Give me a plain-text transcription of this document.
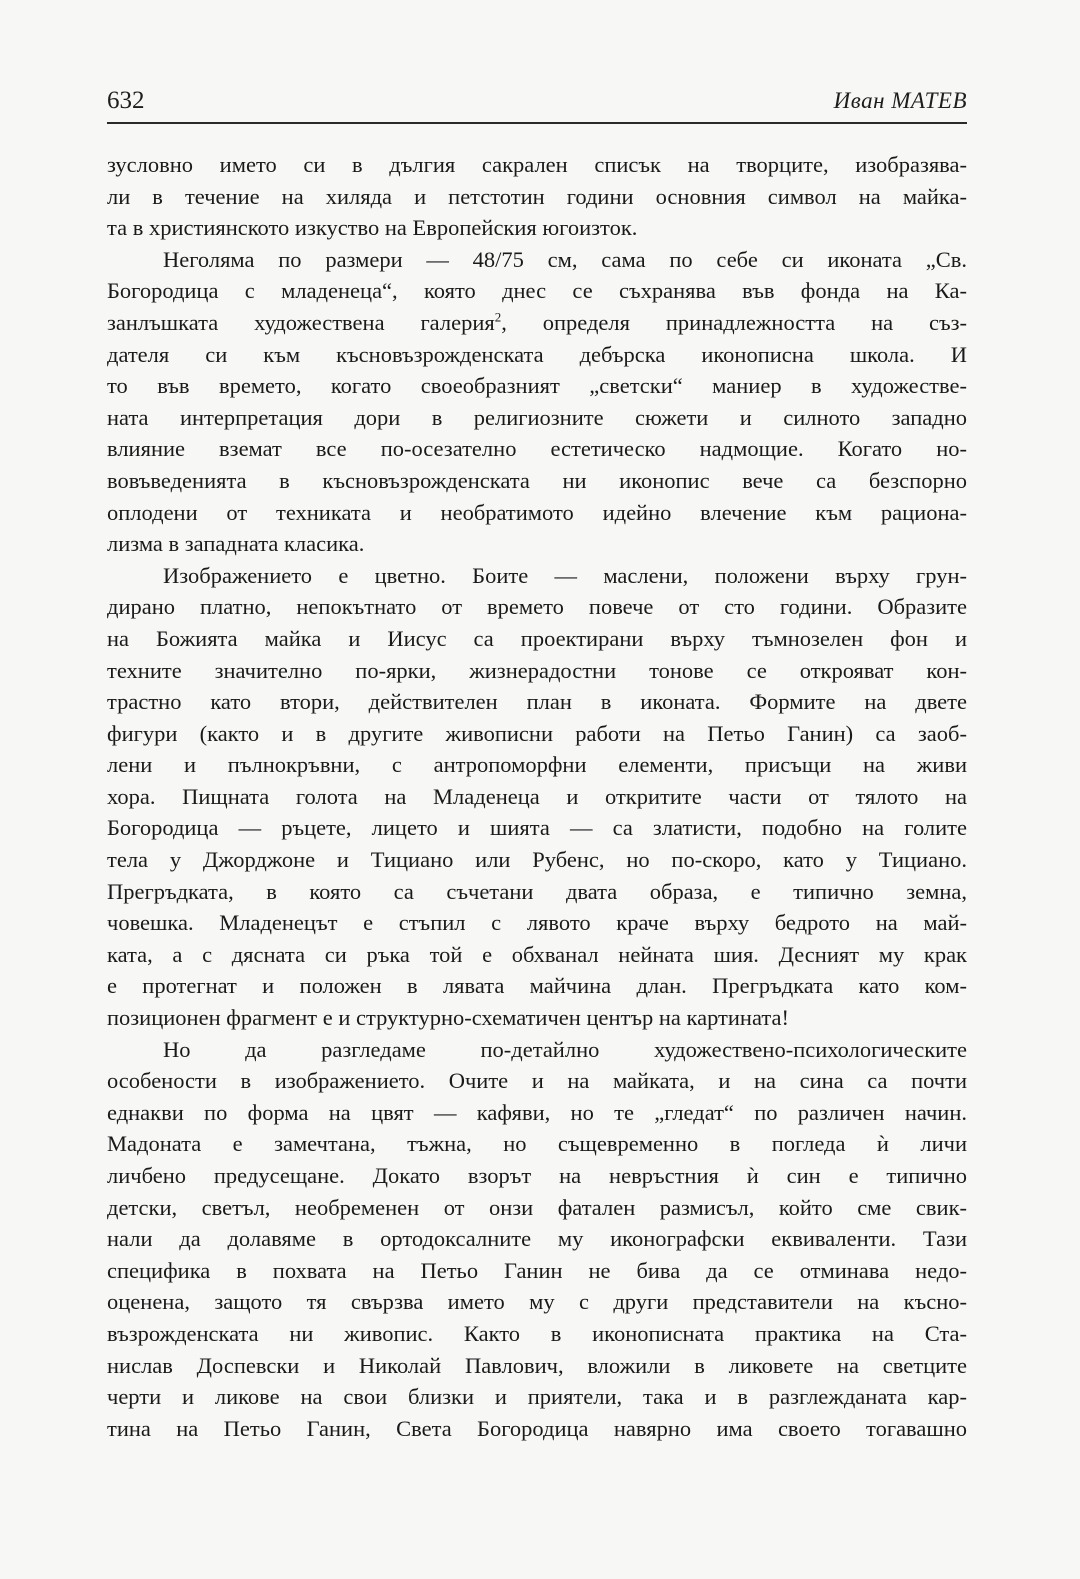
632	Иван МАТЕВ
зусловно името си в дългия сакрален списък на творците, изобразява-
ли в течение на хиляда и петстотин години основния символ на майка-
та в християнското изкуство на Европейския югоизток.
Неголяма по размери — 48/75 см, сама по себе си иконата „Св.
Богородица с младенеца“, която днес се съхранява във фонда на Ка-
занлъшката художествена галерия$^2$, определя принадлежността на съз-
дателя си към късновъзрожденската дебърска иконописна школа. И
то във времето, когато своеобразният „светски“ маниер в художестве-
ната интерпретация дори в религиозните сюжети и силното западно
влияние вземат все по-осезателно естетическо надмощие. Когато но-
вовъведенията в късновъзрожденската ни иконопис вече са безспорно
оплодени от техниката и необратимото идейно влечение към рациона-
лизма в западната класика.
Изображението е цветно. Боите — маслени, положени върху грун-
дирано платно, непокътнато от времето повече от сто години. Образите
на Божията майка и Иисус са проектирани върху тъмнозелен фон и
техните значително по-ярки, жизнерадостни тонове се открояват кон-
трастно като втори, действителен план в иконата. Формите на двете
фигури (както и в другите живописни работи на Петьо Ганин) са заоб-
лени и пълнокръвни, с антропоморфни елементи, присъщи на живи
хора. Пищната голота на Младенеца и откритите части от тялото на
Богородица — ръцете, лицето и шията — са златисти, подобно на голите
тела у Джорджоне и Тициано или Рубенс, но по-скоро, като у Тициано.
Прегръдката, в която са съчетани двата образа, е типично земна,
човешка. Младенецът е стъпил с лявото краче върху бедрото на май-
ката, а с дясната си ръка той е обхванал нейната шия. Десният му крак
е протегнат и положен в лявата майчина длан. Прегръдката като ком-
позиционен фрагмент е и структурно-схематичен център на картината!
Но да разгледаме по-детайлно художествено-психологическите
особености в изображението. Очите и на майката, и на сина са почти
еднакви по форма на цвят — кафяви, но те „гледат“ по различен начин.
Мадоната е замечтана, тъжна, но същевременно в погледа ѝ личи
личбено предусещане. Докато взорът на невръстния ѝ син е типично
детски, светъл, необременен от онзи фатален размисъл, който сме свик-
нали да долавяме в ортодоксалните му иконографски еквиваленти. Тази
специфика в похвата на Петьо Ганин не бива да се отминава недо-
оценена, защото тя свързва името му с други представители на късно-
възрожденската ни живопис. Както в иконописната практика на Ста-
нислав Доспевски и Николай Павлович, вложили в ликовете на светците
черти и ликове на свои близки и приятели, така и в разглежданата кар-
тина на Петьо Ганин, Света Богородица навярно има своето тогавашно
